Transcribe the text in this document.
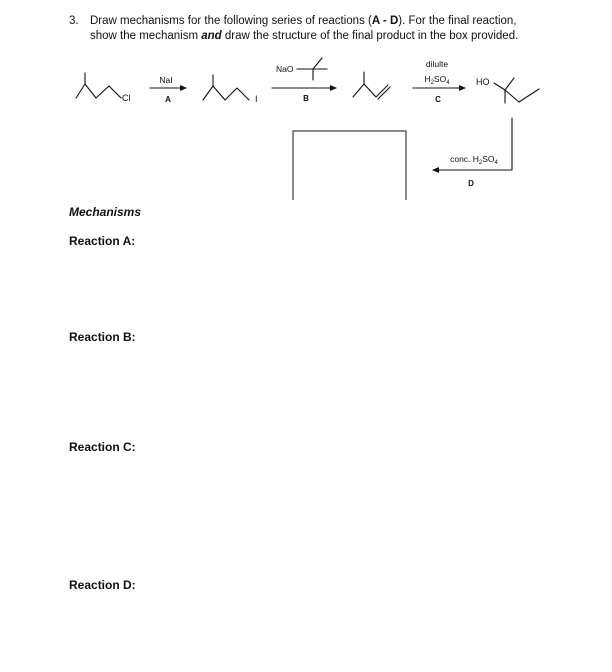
3. Draw mechanisms for the following series of reactions (A - D). For the final reaction,
show the mechanism and draw the structure of the final product in the box provided.
Cl
NaI
A	I
NaO
B
dilulte
$H_2SO_4$
C
HO
conc. $H_2SO_4$
D
Mechanisms
Reaction A:
Reaction B:
Reaction C:
Reaction D:
